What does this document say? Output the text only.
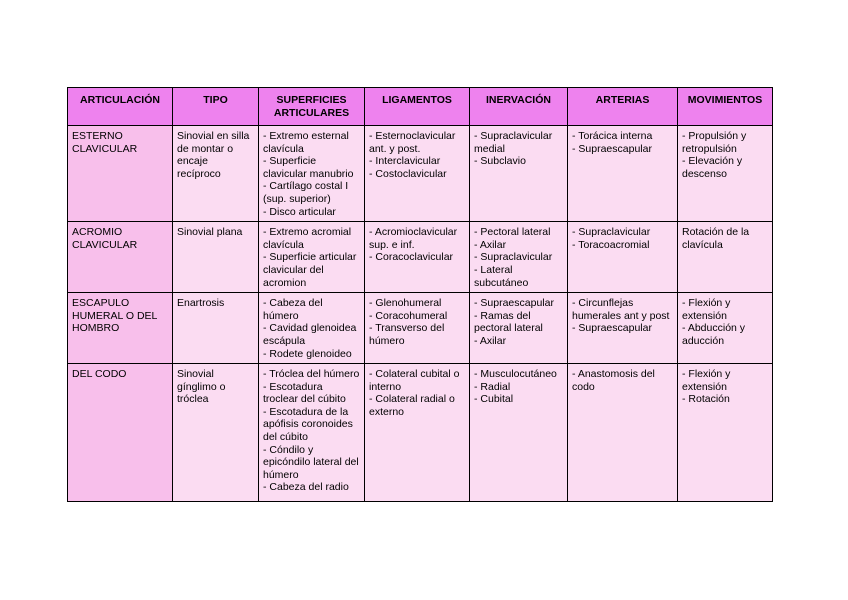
ARTICULACIÓN	TIPO	SUPERFICIES ARTICULARES	LIGAMENTOS	INERVACIÓN	ARTERIAS	MOVIMIENTOS

ESTERNO CLAVICULAR	Sinovial en silla de montar o encaje recíproco	- Extremo esternal clavícula
- Superficie clavicular manubrio
- Cartílago costal I (sup. superior)
- Disco articular	- Esternoclavicular ant. y post.
- Interclavicular
- Costoclavicular	- Supraclavicular medial
- Subclavio	- Torácica interna
- Supraescapular	- Propulsión y retropulsión
- Elevación y descenso

ACROMIO CLAVICULAR	Sinovial plana	- Extremo acromial clavícula
- Superficie articular clavicular del acromion	- Acromioclavicular sup. e inf.
- Coracoclavicular	- Pectoral lateral
- Axilar
- Supraclavicular
- Lateral subcutáneo	- Supraclavicular
- Toracoacromial	Rotación de la clavícula

ESCAPULO HUMERAL O DEL HOMBRO	Enartrosis	- Cabeza del húmero
- Cavidad glenoidea escápula
- Rodete glenoideo	- Glenohumeral
- Coracohumeral
- Transverso del húmero	- Supraescapular
- Ramas del pectoral lateral
- Axilar	- Circunflejas humerales ant y post
- Supraescapular	- Flexión y extensión
- Abducción y aducción

DEL CODO	Sinovial gínglimo o tróclea	- Tróclea del húmero
- Escotadura troclear del cúbito
- Escotadura de la apófisis coronoides del cúbito
- Cóndilo y epicóndilo lateral del húmero
- Cabeza del radio	- Colateral cubital o interno
- Colateral radial o externo	- Musculocutáneo
- Radial
- Cubital	- Anastomosis del codo	- Flexión y extensión
- Rotación
